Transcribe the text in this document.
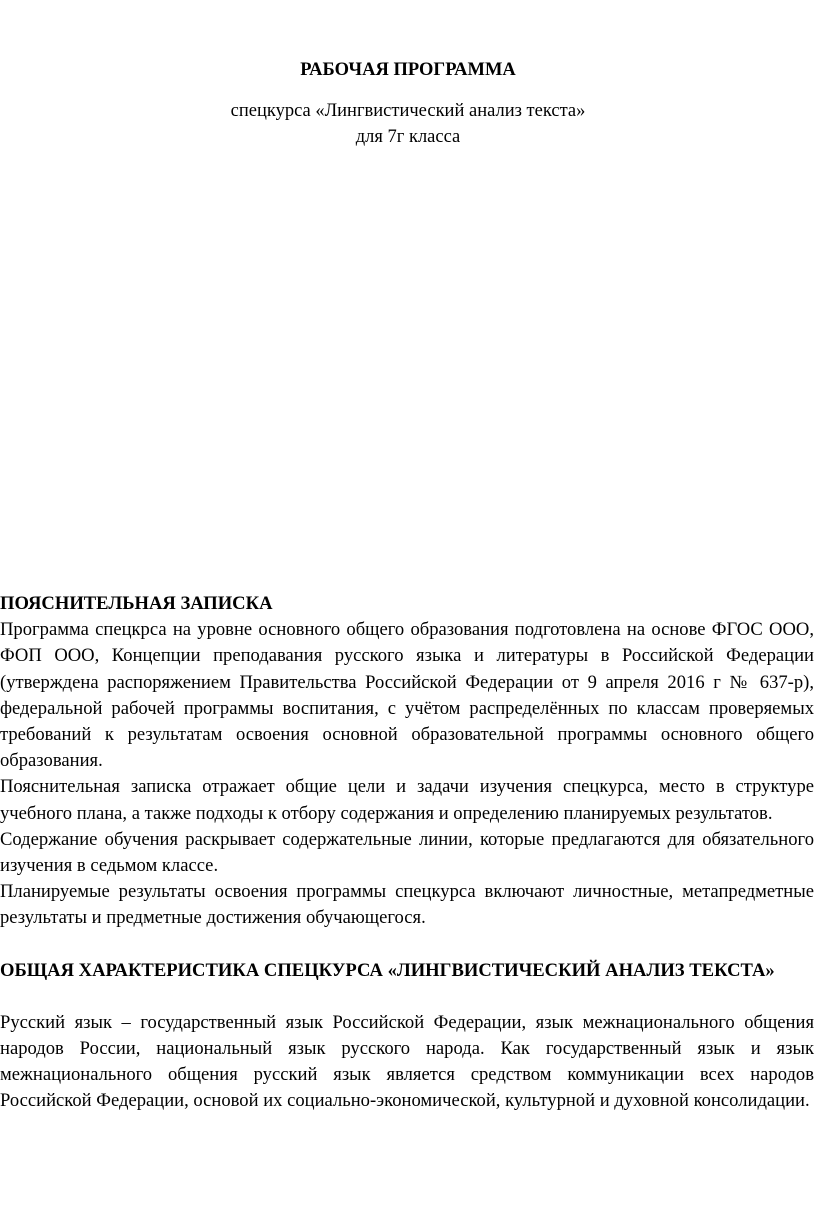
РАБОЧАЯ ПРОГРАММА
спецкурса «Лингвистический анализ текста»
для 7г класса
ПОЯСНИТЕЛЬНАЯ ЗАПИСКА

Программа спецкрса на уровне основного общего образования подготовлена на основе ФГОС ООО, ФОП ООО, Концепции преподавания русского языка и литературы в Российской Федерации (утверждена распоряжением Правительства Российской Федерации от 9 апреля 2016 г № 637-р), федеральной рабочей программы воспитания, с учётом распределённых по классам проверяемых требований к результатам освоения основной образовательной программы основного общего образования.

Пояснительная записка отражает общие цели и задачи изучения спецкурса, место в структуре учебного плана, а также подходы к отбору содержания и определению планируемых результатов.

Содержание обучения раскрывает содержательные линии, которые предлагаются для обязательного изучения в седьмом классе.

Планируемые результаты освоения программы спецкурса включают личностные, метапредметные результаты и предметные достижения обучающегося.

ОБЩАЯ ХАРАКТЕРИСТИКА СПЕЦКУРСА «ЛИНГВИСТИЧЕСКИЙ АНАЛИЗ ТЕКСТА»

Русский язык – государственный язык Российской Федерации, язык межнационального общения народов России, национальный язык русского народа. Как государственный язык и язык межнационального общения русский язык является средством коммуникации всех народов Российской Федерации, основой их социально-экономической, культурной и духовной консолидации.
